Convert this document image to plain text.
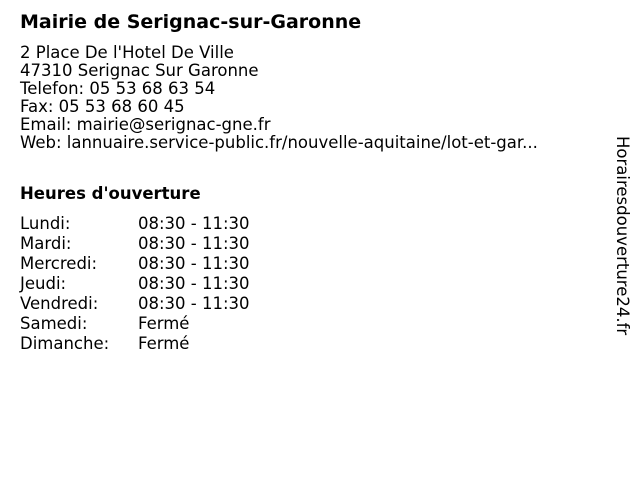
Mairie de Serignac-sur-Garonne
2 Place De l'Hotel De Ville
47310 Serignac Sur Garonne
Telefon: 05 53 68 63 54
Fax: 05 53 68 60 45
Email: mairie@serignac-gne.fr
Web: lannuaire.service-public.fr/nouvelle-aquitaine/lot-et-gar...
Heures d'ouverture
Lundi:	08:30 - 11:30
Mardi:	08:30 - 11:30
Mercredi: 08:30 - 11:30
Jeudi:	08:30 - 11:30
Vendredi: 08:30 - 11:30
Samedi:	Fermé
Dimanche: Fermé
Horairesdouverture24.fr
